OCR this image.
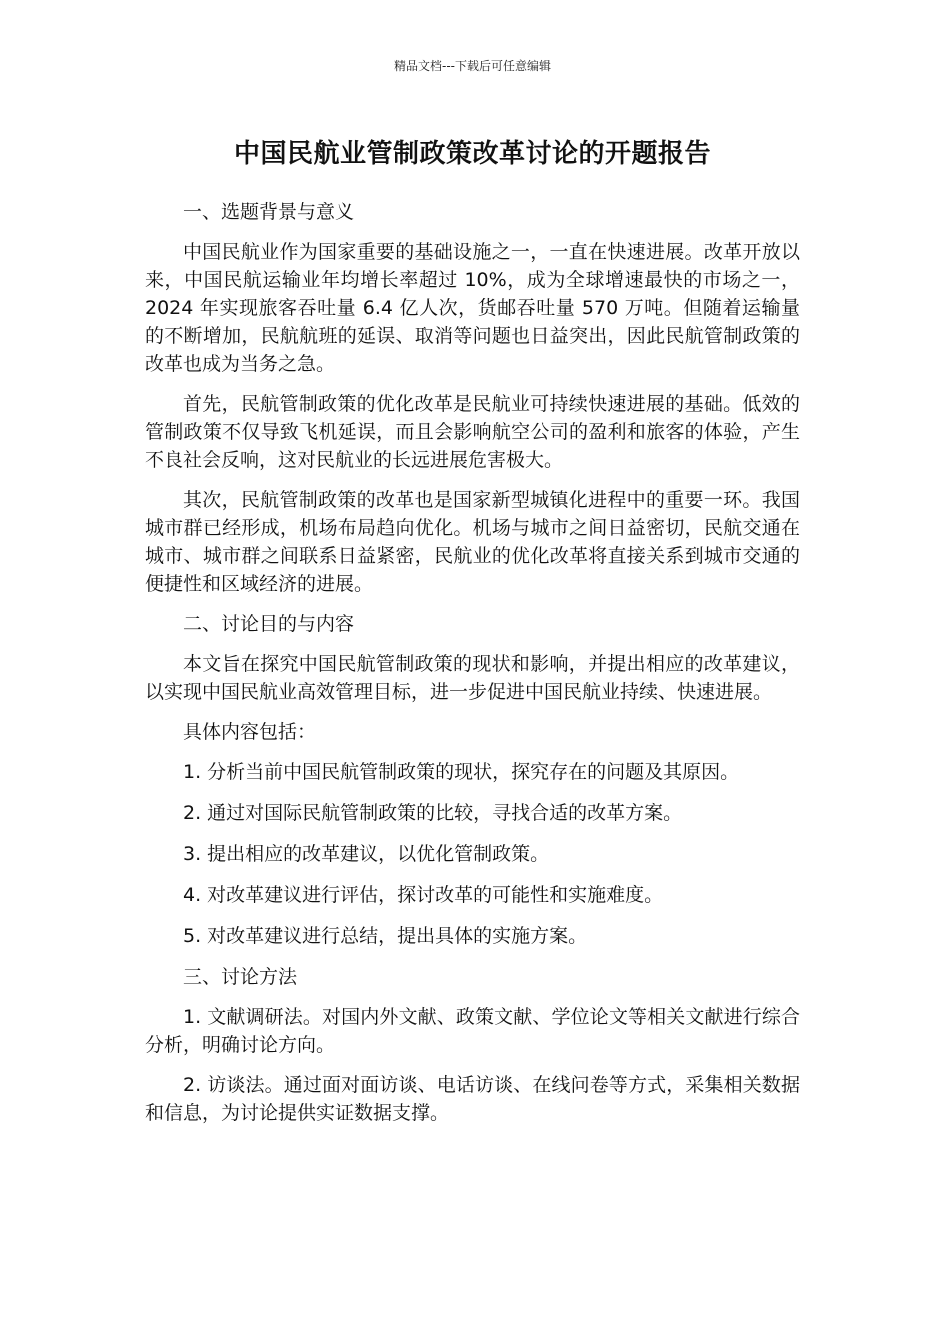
精品文档---下载后可任意编辑
中国民航业管制政策改革讨论的开题报告

一、选题背景与意义

中国民航业作为国家重要的基础设施之一，一直在快速进展。改革开放以来，中国民航运输业年均增长率超过 10%，成为全球增速最快的市场之一，2024 年实现旅客吞吐量 6.4 亿人次，货邮吞吐量 570 万吨。但随着运输量的不断增加，民航航班的延误、取消等问题也日益突出，因此民航管制政策的改革也成为当务之急。

首先，民航管制政策的优化改革是民航业可持续快速进展的基础。低效的管制政策不仅导致飞机延误，而且会影响航空公司的盈利和旅客的体验，产生不良社会反响，这对民航业的长远进展危害极大。

其次，民航管制政策的改革也是国家新型城镇化进程中的重要一环。我国城市群已经形成，机场布局趋向优化。机场与城市之间日益密切，民航交通在城市、城市群之间联系日益紧密，民航业的优化改革将直接关系到城市交通的便捷性和区域经济的进展。

二、讨论目的与内容

本文旨在探究中国民航管制政策的现状和影响，并提出相应的改革建议，以实现中国民航业高效管理目标，进一步促进中国民航业持续、快速进展。

具体内容包括：

1. 分析当前中国民航管制政策的现状，探究存在的问题及其原因。

2. 通过对国际民航管制政策的比较，寻找合适的改革方案。

3. 提出相应的改革建议，以优化管制政策。

4. 对改革建议进行评估，探讨改革的可能性和实施难度。

5. 对改革建议进行总结，提出具体的实施方案。

三、讨论方法

1. 文献调研法。对国内外文献、政策文献、学位论文等相关文献进行综合分析，明确讨论方向。

2. 访谈法。通过面对面访谈、电话访谈、在线问卷等方式，采集相关数据和信息，为讨论提供实证数据支撑。
